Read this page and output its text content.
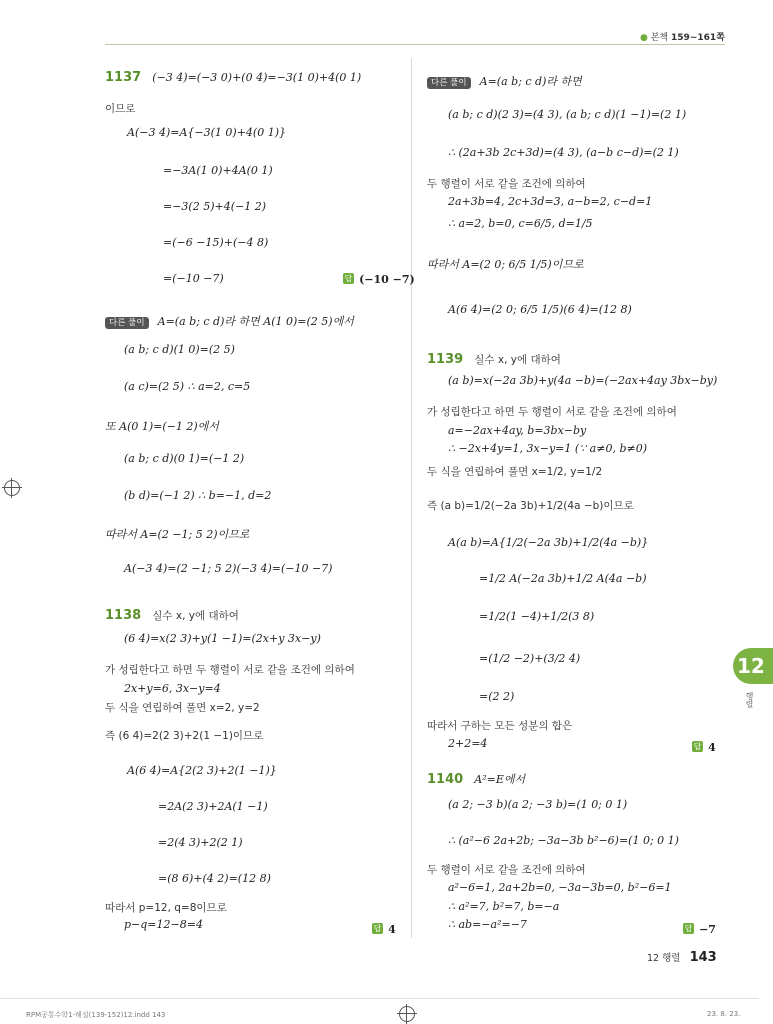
● 본책 159~161쪽
1137 (−3 4)=(−3 0)+(0 4)=−3(1 0)+4(0 1)
이므로
A(−3 4)=A{−3(1 0)+4(0 1)}
=−3A(1 0)+4A(0 1)
=−3(2 5)+4(−1 2)
=(−6 −15)+(−4 8)
=(−10 −7)	답 (−10 −7)
다른 풀이 A=(a b; c d)라 하면 A(1 0)=(2 5)에서
(a b; c d)(1 0)=(2 5)
(a c)=(2 5) ∴ a=2, c=5
또 A(0 1)=(−1 2)에서
(a b; c d)(0 1)=(−1 2)
(b d)=(−1 2) ∴ b=−1, d=2
따라서 A=(2 −1; 5 2)이므로
A(−3 4)=(2 −1; 5 2)(−3 4)=(−10 −7)
1138 실수 x, y에 대하여
(6 4)=x(2 3)+y(1 −1)=(2x+y 3x−y)
가 성립한다고 하면 두 행렬이 서로 같을 조건에 의하여
2x+y=6, 3x−y=4
두 식을 연립하여 풀면 x=2, y=2
즉 (6 4)=2(2 3)+2(1 −1)이므로
A(6 4)=A{2(2 3)+2(1 −1)}
=2A(2 3)+2A(1 −1)
=2(4 3)+2(2 1)
=(8 6)+(4 2)=(12 8)
따라서 p=12, q=8이므로
p−q=12−8=4	답 4
다른 풀이 A=(a b; c d)라 하면
(a b; c d)(2 3)=(4 3), (a b; c d)(1 −1)=(2 1)
∴ (2a+3b 2c+3d)=(4 3), (a−b c−d)=(2 1)
두 행렬이 서로 같을 조건에 의하여
2a+3b=4, 2c+3d=3, a−b=2, c−d=1
∴ a=2, b=0, c=6/5, d=1/5
따라서 A=(2 0; 6/5 1/5)이므로
A(6 4)=(2 0; 6/5 1/5)(6 4)=(12 8)
1139 실수 x, y에 대하여
(a b)=x(−2a 3b)+y(4a −b)=(−2ax+4ay 3bx−by)
가 성립한다고 하면 두 행렬이 서로 같을 조건에 의하여
a=−2ax+4ay, b=3bx−by
∴ −2x+4y=1, 3x−y=1 (∵ a≠0, b≠0)
두 식을 연립하여 풀면 x=1/2, y=1/2
즉 (a b)=1/2(−2a 3b)+1/2(4a −b)이므로
A(a b)=A{1/2(−2a 3b)+1/2(4a −b)}
=1/2 A(−2a 3b)+1/2 A(4a −b)
=1/2(1 −4)+1/2(3 8)
=(1/2 −2)+(3/2 4)
=(2 2)
따라서 구하는 모든 성분의 합은
2+2=4	답 4
1140 A²=E에서
(a 2; −3 b)(a 2; −3 b)=(1 0; 0 1)
∴ (a²−6 2a+2b; −3a−3b b²−6)=(1 0; 0 1)
두 행렬이 서로 같을 조건에 의하여
a²−6=1, 2a+2b=0, −3a−3b=0, b²−6=1
∴ a²=7, b²=7, b=−a
∴ ab=−a²=−7	답 −7
12 행렬 143
12
행렬
RPM공통수학1-해설(139-152)12.indd 143	23. 8. 23.
